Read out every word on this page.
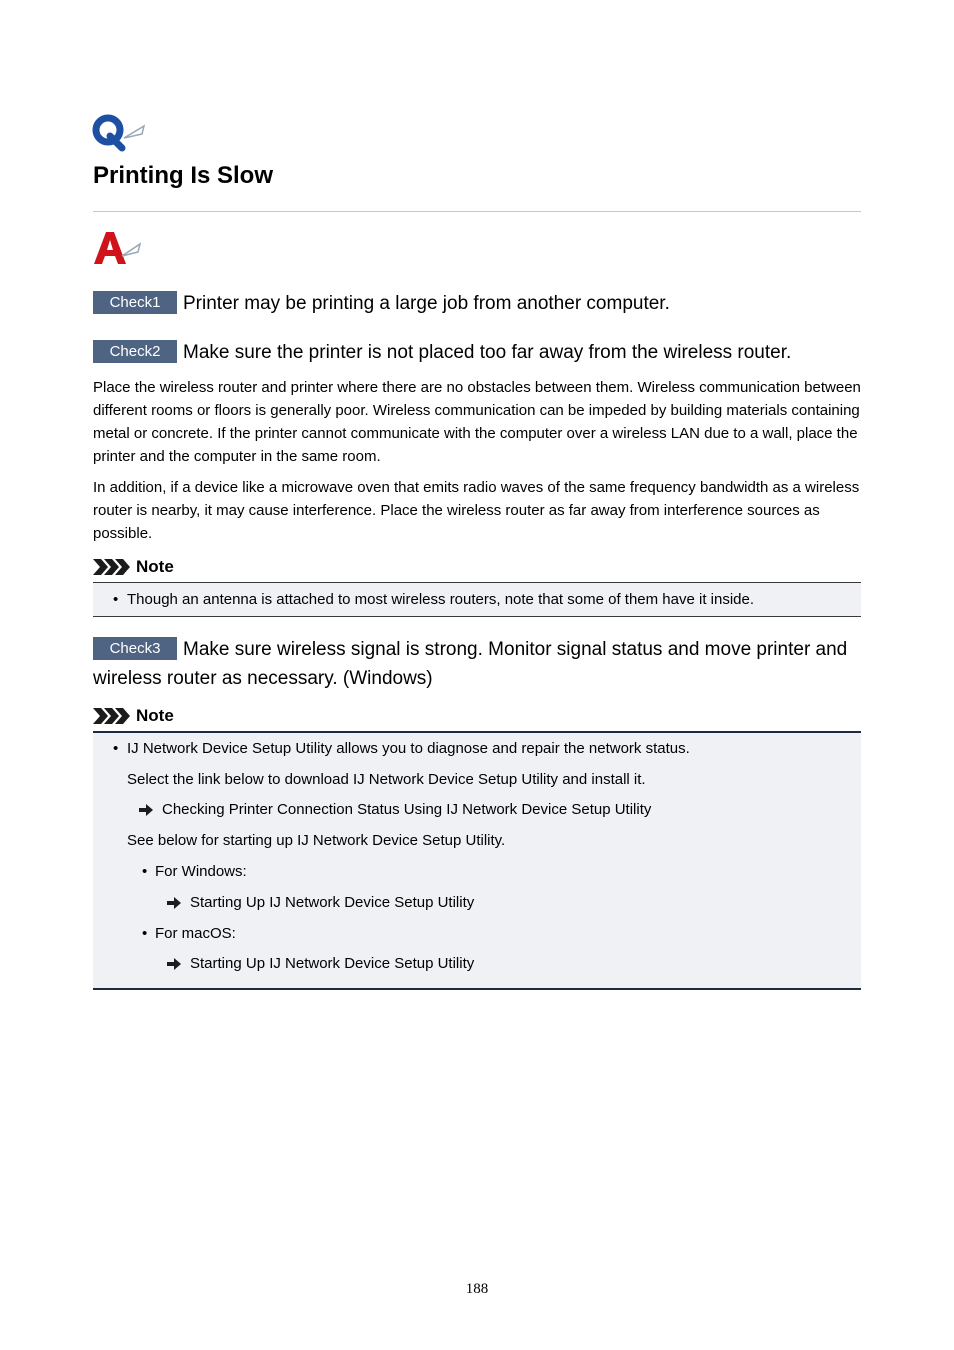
Printing Is Slow
Check1 Printer may be printing a large job from another computer.
Check2 Make sure the printer is not placed too far away from the wireless router.

Place the wireless router and printer where there are no obstacles between them. Wireless communication between different rooms or floors is generally poor. Wireless communication can be impeded by building materials containing metal or concrete. If the printer cannot communicate with the computer over a wireless LAN due to a wall, place the printer and the computer in the same room.

In addition, if a device like a microwave oven that emits radio waves of the same frequency bandwidth as a wireless router is nearby, it may cause interference. Place the wireless router as far away from interference sources as possible.

Note
• Though an antenna is attached to most wireless routers, note that some of them have it inside.
Check3 Make sure wireless signal is strong. Monitor signal status and move printer and wireless router as necessary. (Windows)
Note
• IJ Network Device Setup Utility allows you to diagnose and repair the network status.
Select the link below to download IJ Network Device Setup Utility and install it.
Checking Printer Connection Status Using IJ Network Device Setup Utility
See below for starting up IJ Network Device Setup Utility.
• For Windows:
Starting Up IJ Network Device Setup Utility
• For macOS:
Starting Up IJ Network Device Setup Utility
188
